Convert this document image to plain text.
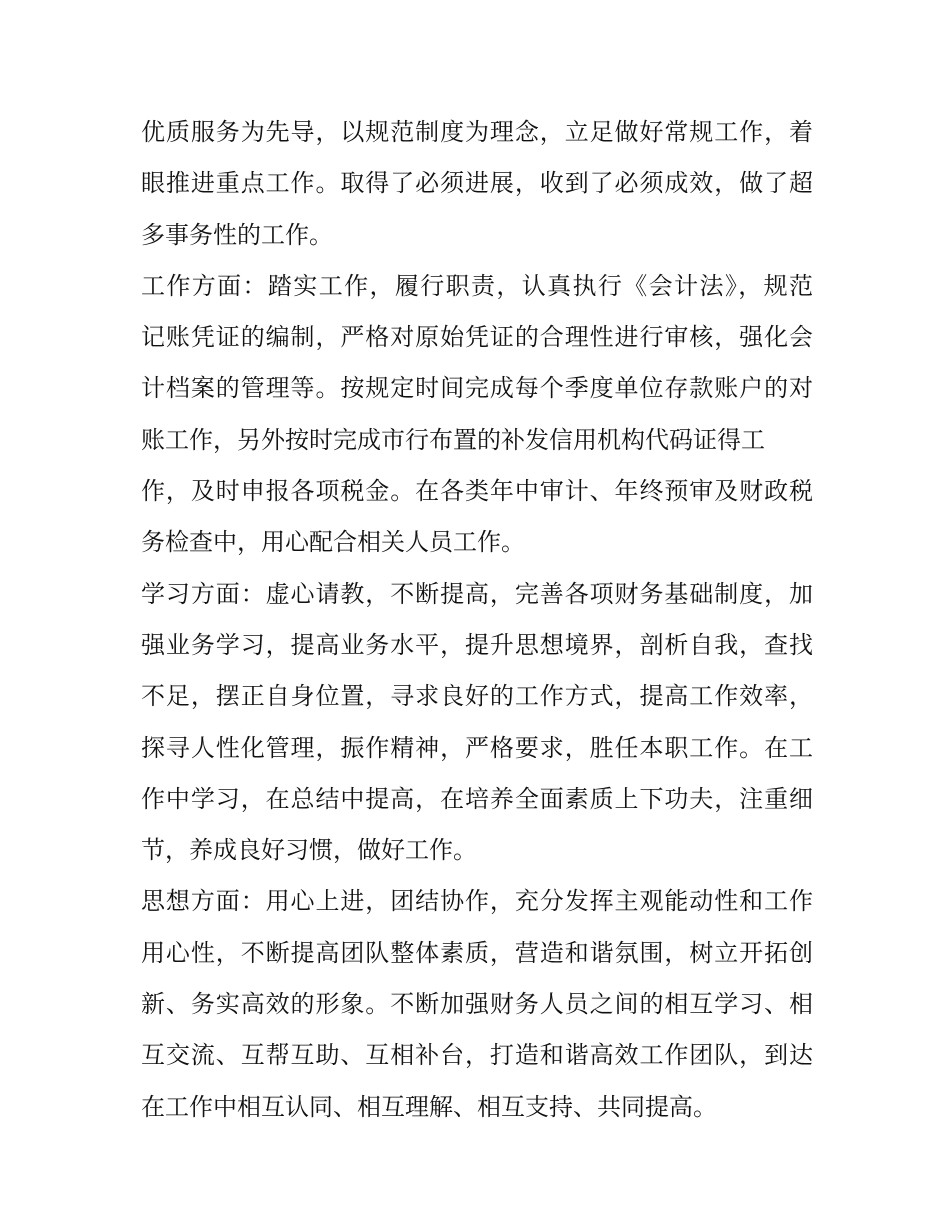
优质服务为先导，以规范制度为理念，立足做好常规工作，着
眼推进重点工作。取得了必须进展，收到了必须成效，做了超
多事务性的工作。
工作方面：踏实工作，履行职责，认真执行《会计法》，规范
记账凭证的编制，严格对原始凭证的合理性进行审核，强化会
计档案的管理等。按规定时间完成每个季度单位存款账户的对
账工作，另外按时完成市行布置的补发信用机构代码证得工
作，及时申报各项税金。在各类年中审计、年终预审及财政税
务检查中，用心配合相关人员工作。
学习方面：虚心请教，不断提高，完善各项财务基础制度，加
强业务学习，提高业务水平，提升思想境界，剖析自我，查找
不足，摆正自身位置，寻求良好的工作方式，提高工作效率，
探寻人性化管理，振作精神，严格要求，胜任本职工作。在工
作中学习，在总结中提高，在培养全面素质上下功夫，注重细
节，养成良好习惯，做好工作。
思想方面：用心上进，团结协作，充分发挥主观能动性和工作
用心性，不断提高团队整体素质，营造和谐氛围，树立开拓创
新、务实高效的形象。不断加强财务人员之间的相互学习、相
互交流、互帮互助、互相补台，打造和谐高效工作团队，到达
在工作中相互认同、相互理解、相互支持、共同提高。
